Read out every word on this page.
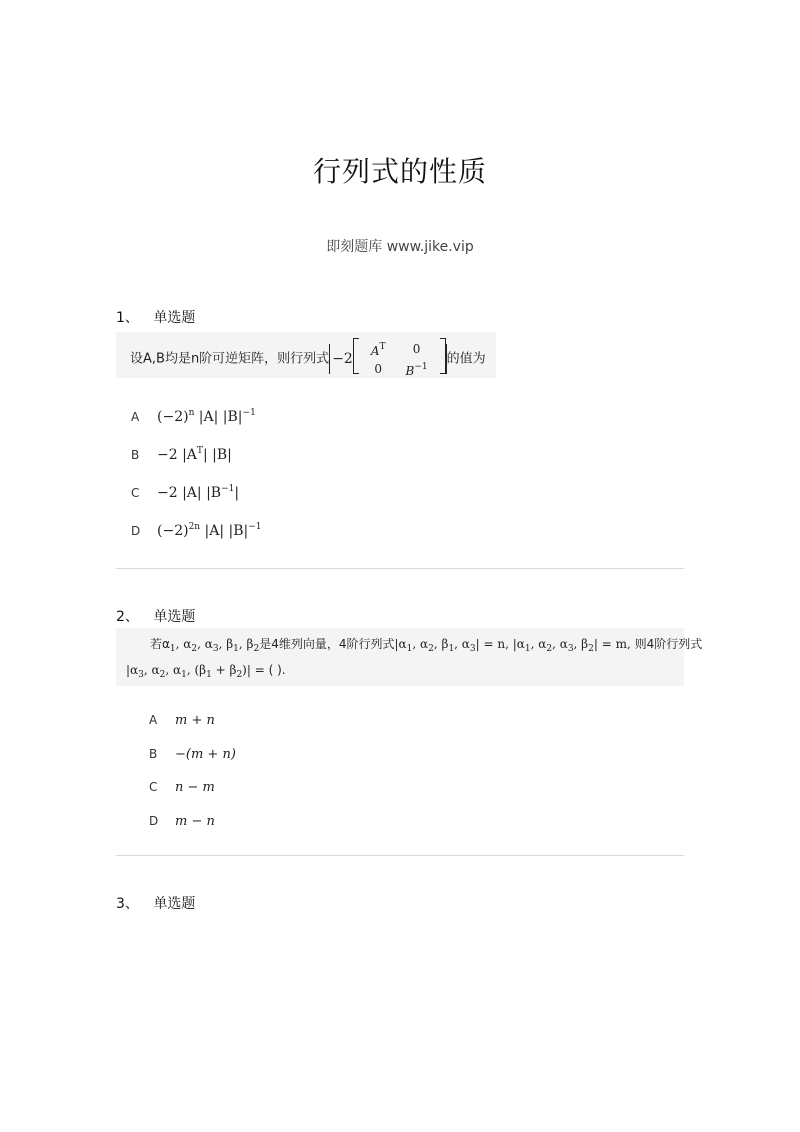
行列式的性质
即刻题库 www.jike.vip
1、 单选题
设A,B均是n阶可逆矩阵，则行列式 −2 $A^T$	0
0	$B^{-1}$
的值为
A $(-2)^n$ |A| $|B|^{-1}$
B −2 $|A^T|$ |B|
C −2 |A| $|B^{-1}|$
D $(-2)^{2n}$ |A| $|B|^{-1}$
2、 单选题
若$\alpha_1$, $\alpha_2$, $\alpha_3$, $\beta_1$, $\beta_2$是4维列向量，4阶行列式$|\alpha_1$, $\alpha_2$, $\beta_1$, $\alpha_3| = n$, $|\alpha_1$, $\alpha_2$, $\alpha_3$, $\beta_2| = m$, 则4阶行列式
$|\alpha_3$, $\alpha_2$, $\alpha_1$, $(\beta_1 + \beta_2)|$ = ( ).
A m + n
B −(m + n)
C n − m
D m − n
3、 单选题
